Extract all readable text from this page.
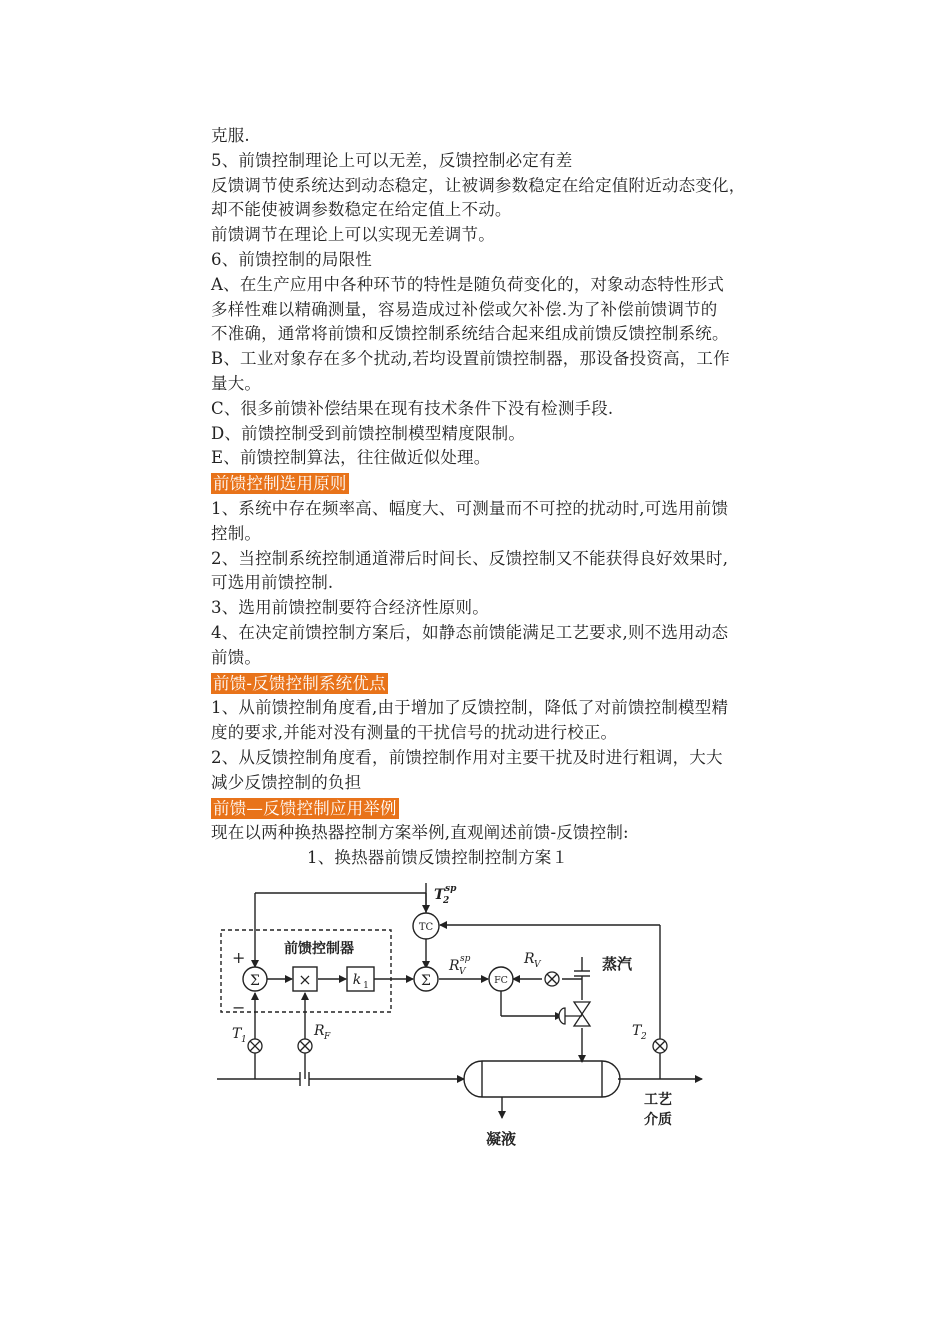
克服.
5、前馈控制理论上可以无差，反馈控制必定有差
反馈调节使系统达到动态稳定，让被调参数稳定在给定值附近动态变化，
却不能使被调参数稳定在给定值上不动。
前馈调节在理论上可以实现无差调节。
6、前馈控制的局限性
A、在生产应用中各种环节的特性是随负荷变化的，对象动态特性形式
多样性难以精确测量，容易造成过补偿或欠补偿.为了补偿前馈调节的
不准确，通常将前馈和反馈控制系统结合起来组成前馈反馈控制系统。
B、工业对象存在多个扰动,若均设置前馈控制器，那设备投资高，工作
量大。
C、很多前馈补偿结果在现有技术条件下没有检测手段.
D、前馈控制受到前馈控制模型精度限制。
E、前馈控制算法，往往做近似处理。
前馈控制选用原则
1、系统中存在频率高、幅度大、可测量而不可控的扰动时,可选用前馈
控制。
2、当控制系统控制通道滞后时间长、反馈控制又不能获得良好效果时,
可选用前馈控制.
3、选用前馈控制要符合经济性原则。
4、在决定前馈控制方案后，如静态前馈能满足工艺要求,则不选用动态
前馈。
前馈-反馈控制系统优点
1、从前馈控制角度看,由于增加了反馈控制，降低了对前馈控制模型精
度的要求,并能对没有测量的干扰信号的扰动进行校正。
2、从反馈控制角度看，前馈控制作用对主要干扰及时进行粗调，大大
减少反馈控制的负担
前馈—反馈控制应用举例
现在以两种换热器控制方案举例,直观阐述前馈-反馈控制:
1、换热器前馈反馈控制控制方案１
TC
FC
Σ	Σ
×	k 1
前馈控制器
+
−
T
2
sp
R V
sp	R V	蒸汽
T 1
R F	T 2
工艺
介质
凝液
